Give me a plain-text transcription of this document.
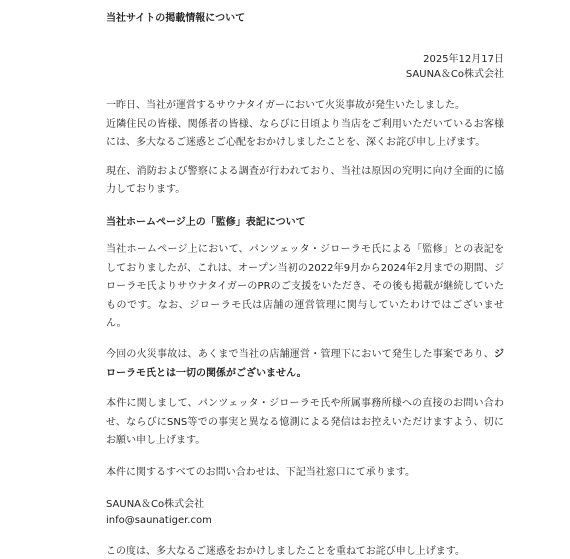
当社サイトの掲載情報について
2025年12月17日
SAUNA＆Co株式会社

一昨日、当社が運営するサウナタイガーにおいて火災事故が発生いたしました。
近隣住民の皆様、関係者の皆様、ならびに日頃より当店をご利用いただいているお客様には、多大なるご迷惑とご心配をおかけしましたことを、深くお詫び申し上げます。

現在、消防および警察による調査が行われており、当社は原因の究明に向け全面的に協力しております。

当社ホームページ上の「監修」表記について

当社ホームページ上において、パンツェッタ・ジローラモ氏による「監修」との表記をしておりましたが、これは、オープン当初の2022年9月から2024年2月までの期間、ジローラモ氏よりサウナタイガーのPRのご支援をいただき、その後も掲載が継続していたものです。なお、ジローラモ氏は店舗の運営管理に関与していたわけではございません。

今回の火災事故は、あくまで当社の店舗運営・管理下において発生した事案であり、ジローラモ氏とは一切の関係がございません。

本件に関しまして、パンツェッタ・ジローラモ氏や所属事務所様への直接のお問い合わせ、ならびにSNS等での事実と異なる憶測による発信はお控えいただけますよう、切にお願い申し上げます。

本件に関するすべてのお問い合わせは、下記当社窓口にて承ります。

SAUNA＆Co株式会社
info@saunatiger.com

この度は、多大なるご迷惑をおかけしましたことを重ねてお詫び申し上げます。
